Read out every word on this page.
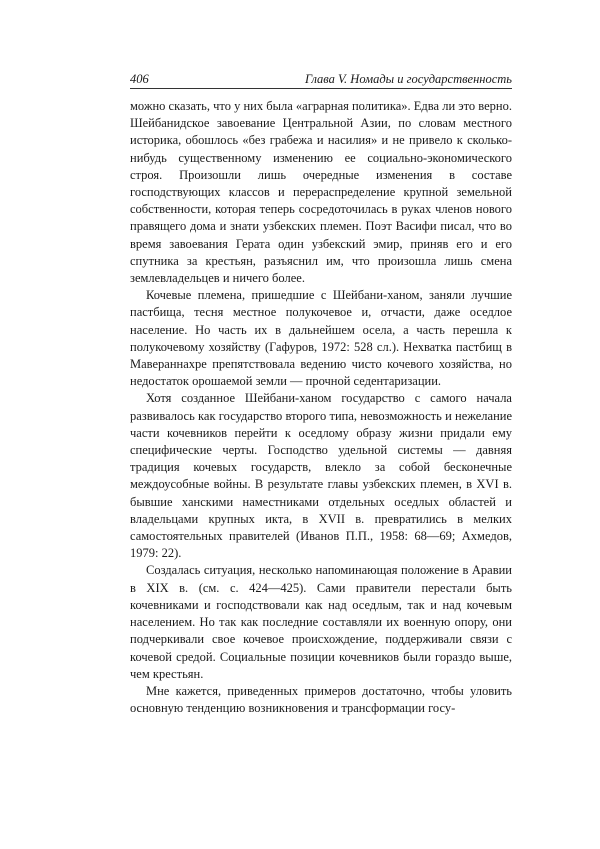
406	Глава V. Номады и государственность

можно сказать, что у них была «аграрная политика». Едва ли это верно. Шейбанидское завоевание Центральной Азии, по словам местного историка, обошлось «без грабежа и насилия» и не привело к сколько-нибудь существенному изменению ее социально-экономического строя. Произошли лишь очередные изменения в составе господствующих классов и перераспределение крупной земельной собственности, которая теперь сосредоточилась в руках членов нового правящего дома и знати узбекских племен. Поэт Васифи писал, что во время завоевания Герата один узбекский эмир, приняв его и его спутника за крестьян, разъяснил им, что произошла лишь смена землевладельцев и ничего более.

Кочевые племена, пришедшие с Шейбани-ханом, заняли лучшие пастбища, тесня местное полукочевое и, отчасти, даже оседлое население. Но часть их в дальнейшем осела, а часть перешла к полукочевому хозяйству (Гафуров, 1972: 528 сл.). Нехватка пастбищ в Мавераннахре препятствовала ведению чисто кочевого хозяйства, но недостаток орошаемой земли — прочной седентаризации.

Хотя созданное Шейбани-ханом государство с самого начала развивалось как государство второго типа, невозможность и нежелание части кочевников перейти к оседлому образу жизни придали ему специфические черты. Господство удельной системы — давняя традиция кочевых государств, влекло за собой бесконечные междоусобные войны. В результате главы узбекских племен, в XVI в. бывшие ханскими наместниками отдельных оседлых областей и владельцами крупных икта, в XVII в. превратились в мелких самостоятельных правителей (Иванов П.П., 1958: 68—69; Ахмедов, 1979: 22).

Создалась ситуация, несколько напоминающая положение в Аравии в XIX в. (см. с. 424—425). Сами правители перестали быть кочевниками и господствовали как над оседлым, так и над кочевым населением. Но так как последние составляли их военную опору, они подчеркивали свое кочевое происхождение, поддерживали связи с кочевой средой. Социальные позиции кочевников были гораздо выше, чем крестьян.

Мне кажется, приведенных примеров достаточно, чтобы уловить основную тенденцию возникновения и трансформации госу-
